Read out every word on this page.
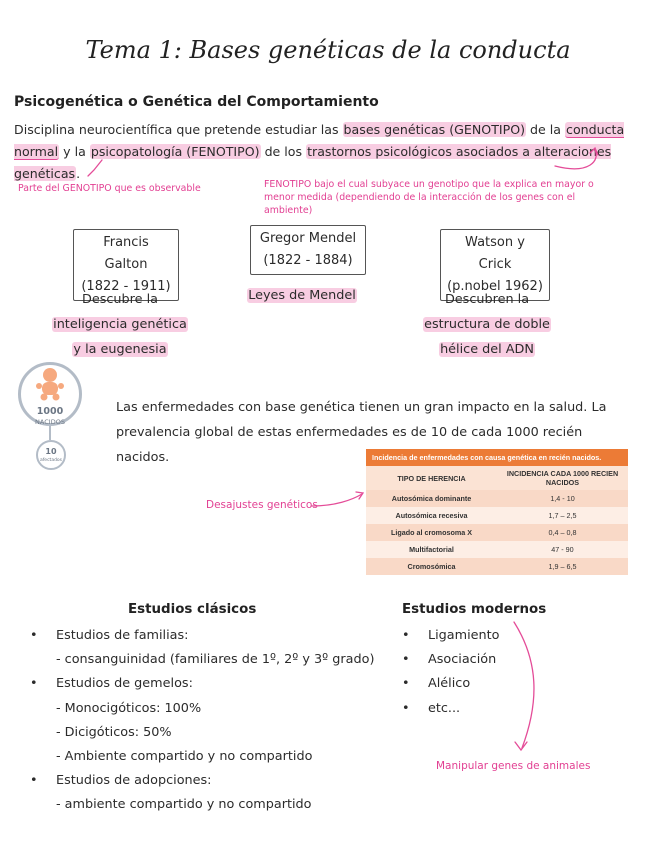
Tema 1: Bases genéticas de la conducta
Psicogenética o Genética del Comportamiento
Disciplina neurocientífica que pretende estudiar las bases genéticas (GENOTIPO) de la conducta normal y la psicopatología (FENOTIPO) de los trastornos psicológicos asociados a alteraciones genéticas.
Parte del GENOTIPO que es observable	FENOTIPO bajo el cual subyace un genotipo que la explica en mayor o menor medida (dependiendo de la interacción de los genes con el ambiente)
Francis Galton
(1822 - 1911)
Gregor Mendel
(1822 - 1884)
Watson y Crick
(p.nobel 1962)
Descubre la
inteligencia genética
y la eugenesia
Leyes de Mendel	Descubren la
estructura de doble
hélice del ADN
1000
NACIDOS
10
afectados
Las enfermedades con base genética tienen un gran impacto en la salud. La prevalencia global de estas enfermedades es de 10 de cada 1000 recién nacidos.
Desajustes genéticos
Incidencia de enfermedades con causa genética en recién nacidos.
TIPO DE HERENCIA	INCIDENCIA CADA 1000 RECIEN NACIDOS
Autosómica dominante	1,4 - 10
Autosómica recesiva	1,7 – 2,5
Ligado al cromosoma X	0,4 – 0,8
Multifactorial	47 - 90
Cromosómica	1,9 – 6,5
Estudios clásicos
• Estudios de familias:
- consanguinidad (familiares de 1º, 2º y 3º grado)
• Estudios de gemelos:
- Monocigóticos: 100%
- Dicigóticos: 50%
- Ambiente compartido y no compartido
• Estudios de adopciones:
- ambiente compartido y no compartido
Estudios modernos
• Ligamiento
• Asociación
• Alélico
• etc...
Manipular genes de animales
